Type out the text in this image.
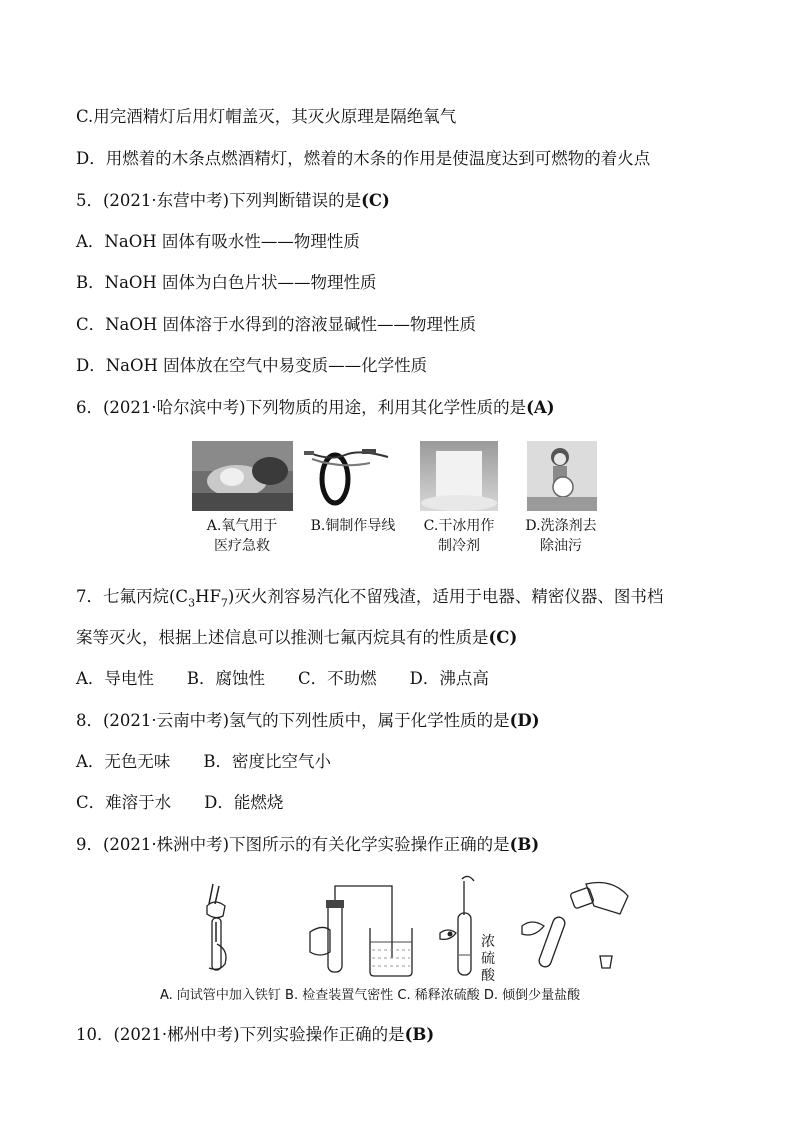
C.用完酒精灯后用灯帽盖灭，其灭火原理是隔绝氧气
D．用燃着的木条点燃酒精灯，燃着的木条的作用是使温度达到可燃物的着火点
5．(2021·东营中考)下列判断错误的是(C)
A．NaOH 固体有吸水性——物理性质
B．NaOH 固体为白色片状——物理性质
C．NaOH 固体溶于水得到的溶液显碱性——物理性质
D．NaOH 固体放在空气中易变质——化学性质
6．(2021·哈尔滨中考)下列物质的用途，利用其化学性质的是(A)
A.氧气用于
医疗急救
B.铜制作导线	C.干冰用作
制冷剂
D.洗涤剂去
除油污
7．七氟丙烷$(C_3HF_7)$灭火剂容易汽化不留残渣，适用于电器、精密仪器、图书档
案等灭火，根据上述信息可以推测七氟丙烷具有的性质是(C)
A．导电性　　B．腐蚀性　　C．不助燃　　D．沸点高
8．(2021·云南中考)氢气的下列性质中，属于化学性质的是(D)
A．无色无味　　B．密度比空气小
C．难溶于水　　D．能燃烧
9．(2021·株洲中考)下图所示的有关化学实验操作正确的是(B)
浓
硫
酸
A. 向试管中加入铁钉 B. 检查装置气密性 C. 稀释浓硫酸 D. 倾倒少量盐酸
10．(2021·郴州中考)下列实验操作正确的是(B)
